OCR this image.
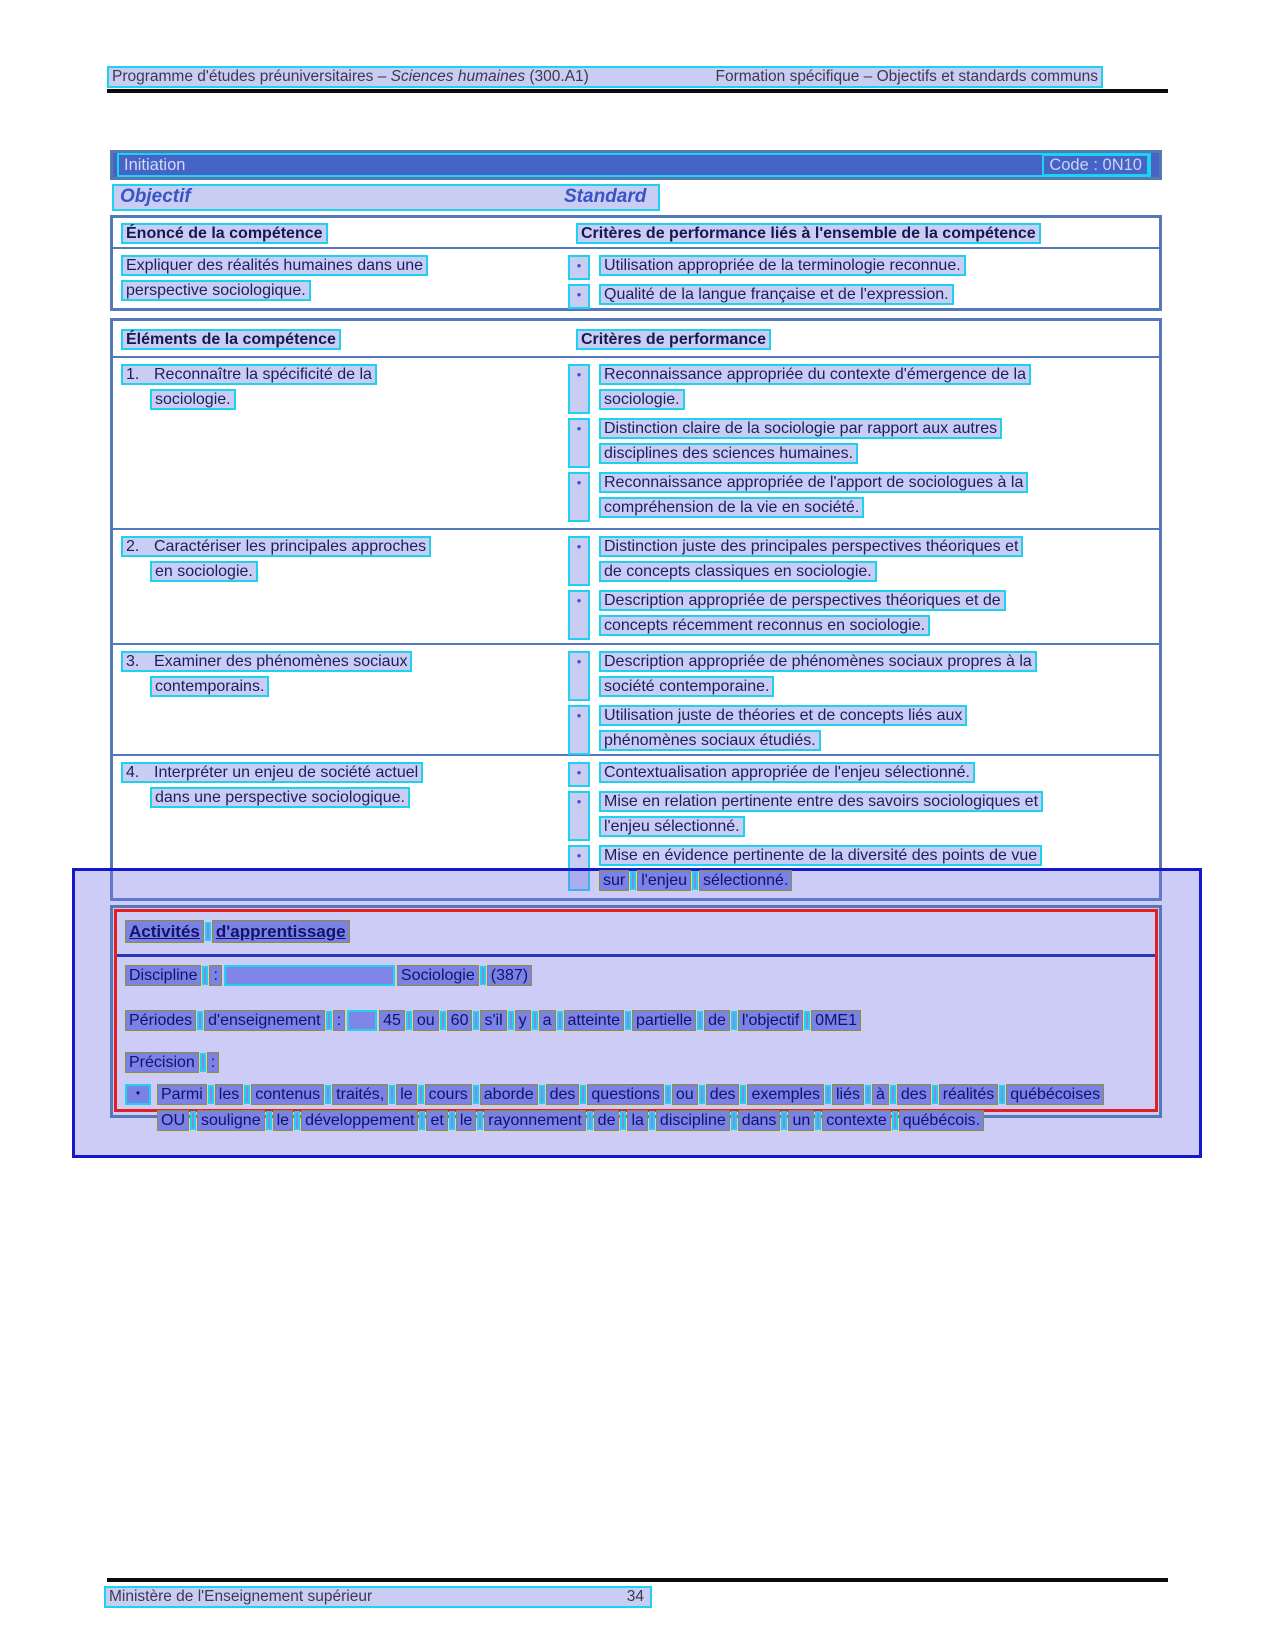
Programme d'études préuniversitaires – Sciences humaines (300.A1)	Formation spécifique – Objectifs et standards communs
Initiation	Code : 0N10
Objectif	Standard
Énoncé de la compétence	Critères de performance liés à l'ensemble de la compétence
Expliquer des réalités humaines dans une
perspective sociologique.
•	Utilisation appropriée de la terminologie reconnue.
•	Qualité de la langue française et de l'expression.
Éléments de la compétence	Critères de performance
1. Reconnaître la spécificité de la
sociologie.
•	Reconnaissance appropriée du contexte d'émergence de la
sociologie.
•	Distinction claire de la sociologie par rapport aux autres
disciplines des sciences humaines.
•	Reconnaissance appropriée de l'apport de sociologues à la
compréhension de la vie en société.
2. Caractériser les principales approches
en sociologie.
•	Distinction juste des principales perspectives théoriques et
de concepts classiques en sociologie.
•	Description appropriée de perspectives théoriques et de
concepts récemment reconnus en sociologie.
3. Examiner des phénomènes sociaux
contemporains.
•	Description appropriée de phénomènes sociaux propres à la
société contemporaine.
•	Utilisation juste de théories et de concepts liés aux
phénomènes sociaux étudiés.
4. Interpréter un enjeu de société actuel
dans une perspective sociologique.
•	Contextualisation appropriée de l'enjeu sélectionné.
•	Mise en relation pertinente entre des savoirs sociologiques et
l'enjeu sélectionné.
•	Mise en évidence pertinente de la diversité des points de vue
sur l'enjeu sélectionné.
Activités d'apprentissage
Discipline :	Sociologie (387)
Périodes d'enseignement :	45 ou 60 s'il y a atteinte partielle de l'objectif 0ME1
Précision :
•	Parmi les contenus traités, le cours aborde des questions ou des exemples liés à des réalités québécoises
OU souligne le développement et le rayonnement de la discipline dans un contexte québécois.
Ministère de l'Enseignement supérieur	34
